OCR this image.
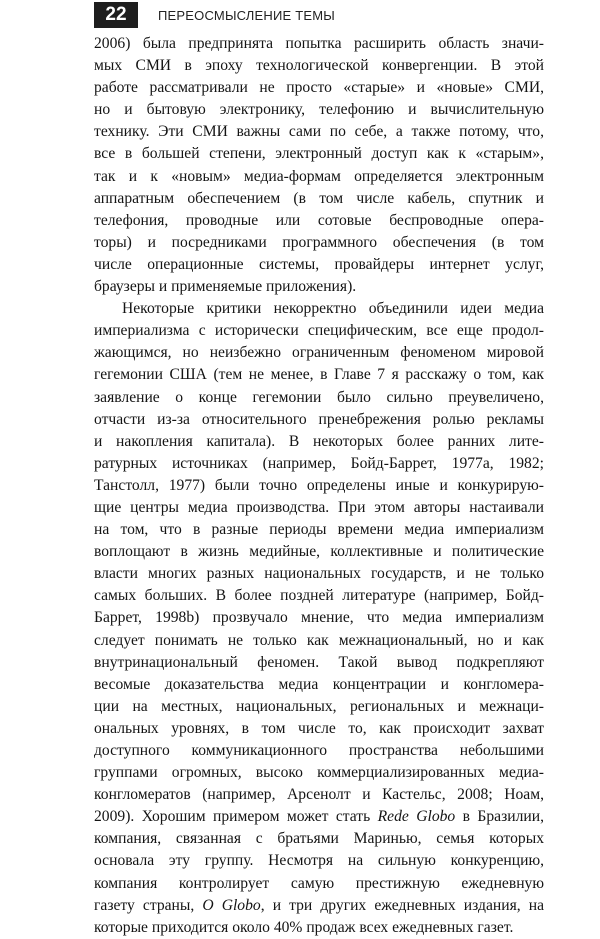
22	ПЕРЕОСМЫСЛЕНИЕ ТЕМЫ
2006) была предпринята попытка расширить область значи-
мых СМИ в эпоху технологической конвергенции. В этой
работе рассматривали не просто «старые» и «новые» СМИ,
но и бытовую электронику, телефонию и вычислительную
технику. Эти СМИ важны сами по себе, а также потому, что,
все в большей степени, электронный доступ как к «старым»,
так и к «новым» медиа-формам определяется электронным
аппаратным обеспечением (в том числе кабель, спутник и
телефония, проводные или сотовые беспроводные опера-
торы) и посредниками программного обеспечения (в том
числе операционные системы, провайдеры интернет услуг,
браузеры и применяемые приложения).
Некоторые критики некорректно объединили идеи медиа
империализма с исторически специфическим, все еще продол-
жающимся, но неизбежно ограниченным феноменом мировой
гегемонии США (тем не менее, в Главе 7 я расскажу о том, как
заявление о конце гегемонии было сильно преувеличено,
отчасти из-за относительного пренебрежения ролью рекламы
и накопления капитала). В некоторых более ранних лите-
ратурных источниках (например, Бойд-Баррет, 1977а, 1982;
Танстолл, 1977) были точно определены иные и конкурирую-
щие центры медиа производства. При этом авторы настаивали
на том, что в разные периоды времени медиа империализм
воплощают в жизнь медийные, коллективные и политические
власти многих разных национальных государств, и не только
самых больших. В более поздней литературе (например, Бойд-
Баррет, 1998b) прозвучало мнение, что медиа империализм
следует понимать не только как межнациональный, но и как
внутринациональный феномен. Такой вывод подкрепляют
весомые доказательства медиа концентрации и конгломера-
ции на местных, национальных, региональных и межнаци-
ональных уровнях, в том числе то, как происходит захват
доступного коммуникационного пространства небольшими
группами огромных, высоко коммерциализированных медиа-
конгломератов (например, Арсенолт и Кастельс, 2008; Ноам,
2009). Хорошим примером может стать Rede Globo в Бразилии,
компания, связанная с братьями Маринью, семья которых
основала эту группу. Несмотря на сильную конкуренцию,
компания контролирует самую престижную ежедневную
газету страны, O Globo, и три других ежедневных издания, на
которые приходится около 40% продаж всех ежедневных газет.
